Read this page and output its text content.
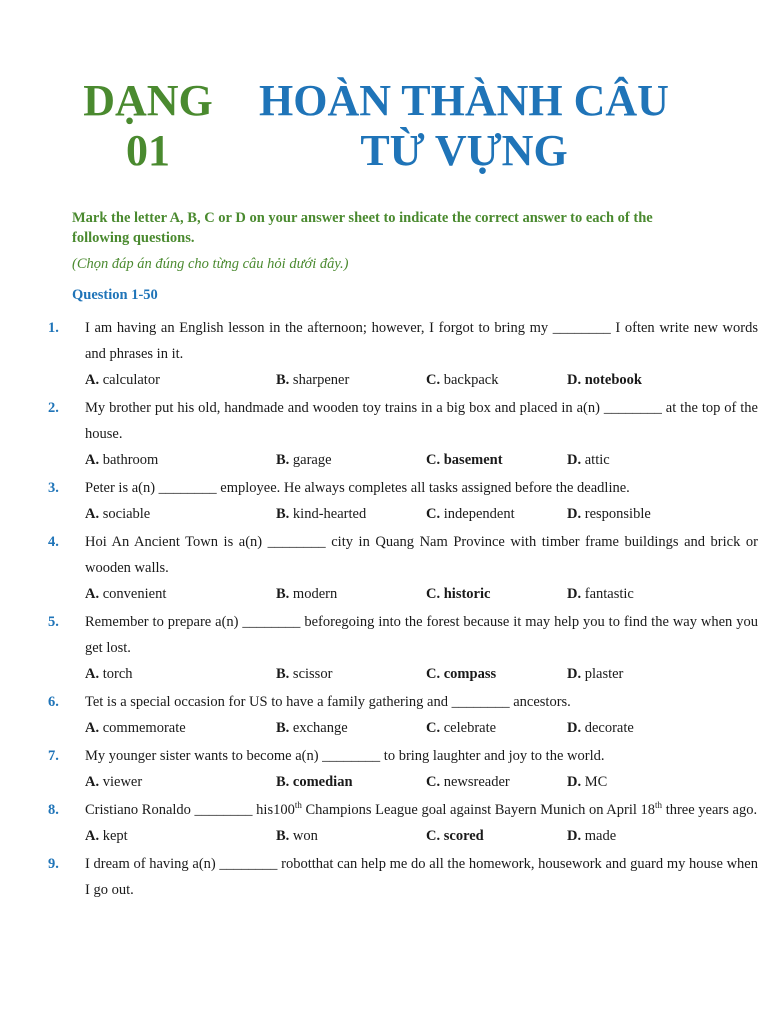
DẠNG
01
HOÀN THÀNH CÂU
TỪ VỰNG
Mark the letter A, B, C or D on your answer sheet to indicate the correct answer to each of the following questions.
(Chọn đáp án đúng cho từng câu hỏi dưới đây.)
Question 1-50
1. I am having an English lesson in the afternoon; however, I forgot to bring my ________ I often write new words and phrases in it.
A. calculator	B. sharpener	C. backpack	D. notebook
2. My brother put his old, handmade and wooden toy trains in a big box and placed in a(n) ________ at the top of the house.
A. bathroom	B. garage	C. basement	D. attic
3. Peter is a(n) ________ employee. He always completes all tasks assigned before the deadline.
A. sociable	B. kind-hearted	C. independent	D. responsible
4. Hoi An Ancient Town is a(n) ________ city in Quang Nam Province with timber frame buildings and brick or wooden walls.
A. convenient	B. modern	C. historic	D. fantastic
5. Remember to prepare a(n) ________ beforegoing into the forest because it may help you to find the way when you get lost.
A. torch	B. scissor	C. compass	D. plaster
6. Tet is a special occasion for US to have a family gathering and ________ ancestors.
A. commemorate	B. exchange	C. celebrate	D. decorate
7. My younger sister wants to become a(n) ________ to bring laughter and joy to the world.
A. viewer	B. comedian	C. newsreader	D. MC
8. Cristiano Ronaldo ________ his100th Champions League goal against Bayern Munich on April 18th three years ago.
A. kept	B. won	C. scored	D. made
9. I dream of having a(n) ________ robotthat can help me do all the homework, housework and guard my house when I go out.
